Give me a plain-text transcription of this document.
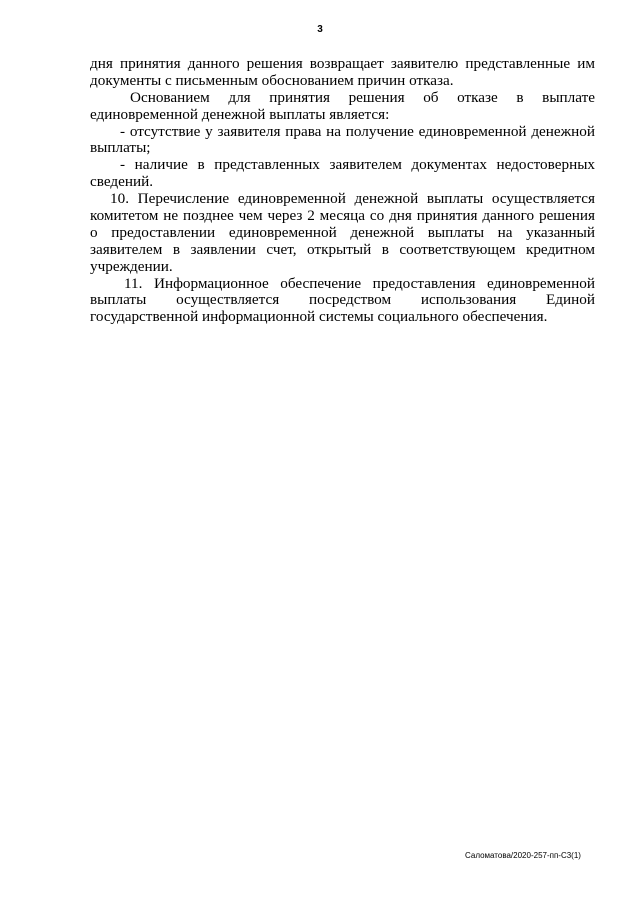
3
дня принятия данного решения возвращает заявителю представленные им
документы с письменным обоснованием причин отказа.
Основанием для принятия решения об отказе в выплате
единовременной денежной выплаты является:
- отсутствие у заявителя права на получение единовременной денежной
выплаты;
- наличие в представленных заявителем документах недостоверных
сведений.
10. Перечисление единовременной денежной выплаты осуществляется
комитетом не позднее чем через 2 месяца со дня принятия данного решения
о предоставлении единовременной денежной выплаты на указанный
заявителем в заявлении счет, открытый в соответствующем кредитном
учреждении.
11. Информационное обеспечение предоставления единовременной
выплаты осуществляется посредством использования Единой
государственной информационной системы социального обеспечения.
Саломатова/2020-257-пп-С3(1)
